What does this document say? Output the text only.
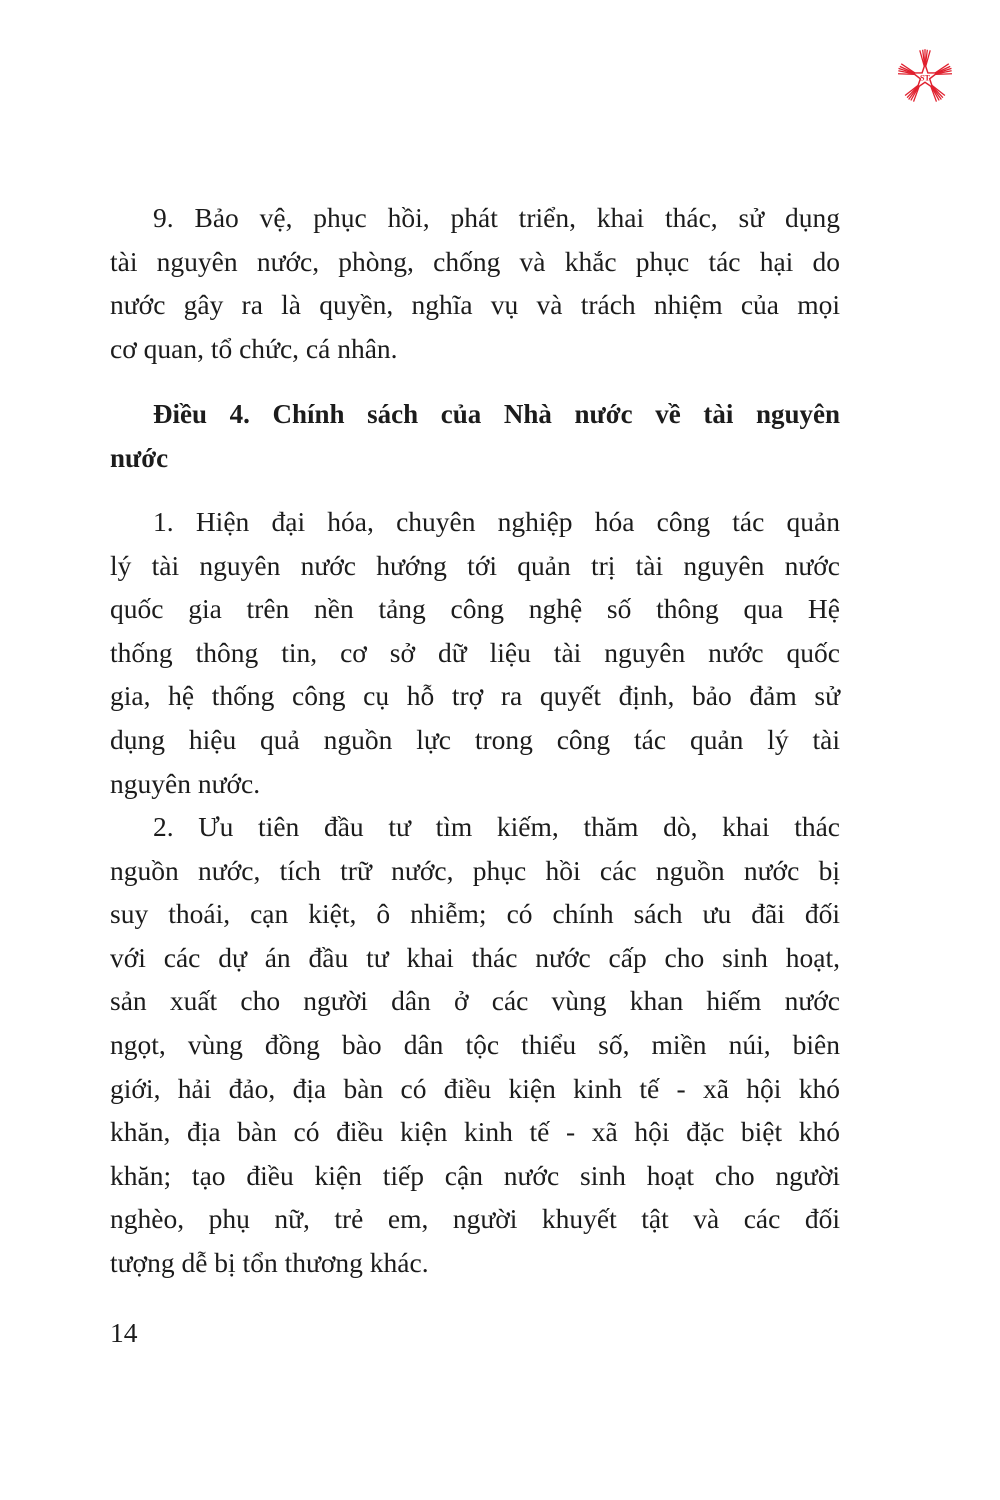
ST
9. Bảo vệ, phục hồi, phát triển, khai thác, sử dụng
tài nguyên nước, phòng, chống và khắc phục tác hại do
nước gây ra là quyền, nghĩa vụ và trách nhiệm của mọi
cơ quan, tổ chức, cá nhân.
Điều 4. Chính sách của Nhà nước về tài nguyên
nước
1. Hiện đại hóa, chuyên nghiệp hóa công tác quản
lý tài nguyên nước hướng tới quản trị tài nguyên nước
quốc gia trên nền tảng công nghệ số thông qua Hệ
thống thông tin, cơ sở dữ liệu tài nguyên nước quốc
gia, hệ thống công cụ hỗ trợ ra quyết định, bảo đảm sử
dụng hiệu quả nguồn lực trong công tác quản lý tài
nguyên nước.
2. Ưu tiên đầu tư tìm kiếm, thăm dò, khai thác
nguồn nước, tích trữ nước, phục hồi các nguồn nước bị
suy thoái, cạn kiệt, ô nhiễm; có chính sách ưu đãi đối
với các dự án đầu tư khai thác nước cấp cho sinh hoạt,
sản xuất cho người dân ở các vùng khan hiếm nước
ngọt, vùng đồng bào dân tộc thiểu số, miền núi, biên
giới, hải đảo, địa bàn có điều kiện kinh tế - xã hội khó
khăn, địa bàn có điều kiện kinh tế - xã hội đặc biệt khó
khăn; tạo điều kiện tiếp cận nước sinh hoạt cho người
nghèo, phụ nữ, trẻ em, người khuyết tật và các đối
tượng dễ bị tổn thương khác.
14
